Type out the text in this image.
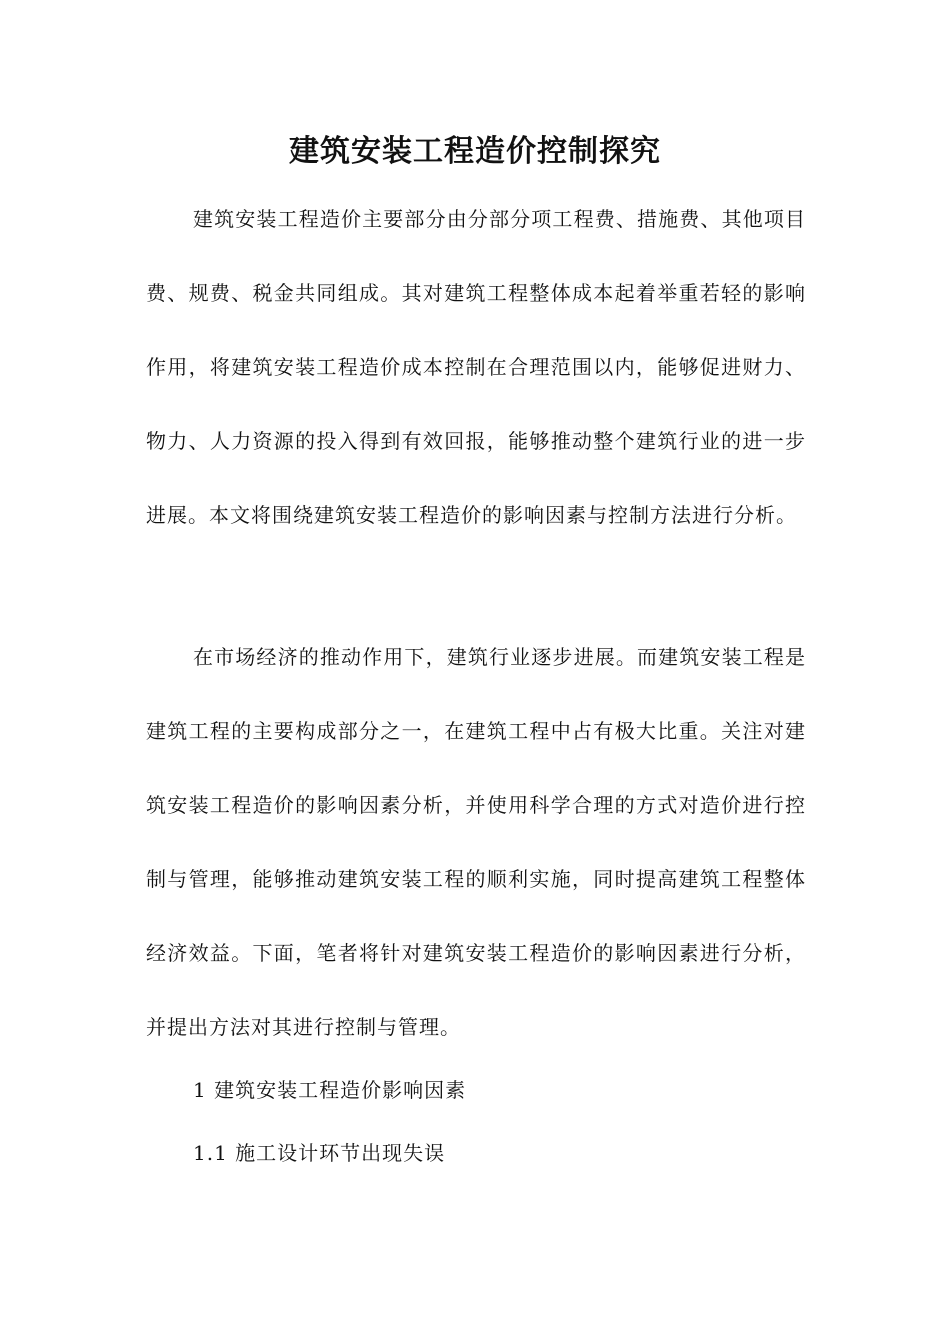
建筑安装工程造价控制探究

建筑安装工程造价主要部分由分部分项工程费、措施费、其他项目费、规费、税金共同组成。其对建筑工程整体成本起着举重若轻的影响作用，将建筑安装工程造价成本控制在合理范围以内，能够促进财力、物力、人力资源的投入得到有效回报，能够推动整个建筑行业的进一步进展。本文将围绕建筑安装工程造价的影响因素与控制方法进行分析。

在市场经济的推动作用下，建筑行业逐步进展。而建筑安装工程是建筑工程的主要构成部分之一，在建筑工程中占有极大比重。关注对建筑安装工程造价的影响因素分析，并使用科学合理的方式对造价进行控制与管理，能够推动建筑安装工程的顺利实施，同时提高建筑工程整体经济效益。下面，笔者将针对建筑安装工程造价的影响因素进行分析，并提出方法对其进行控制与管理。

1 建筑安装工程造价影响因素
1.1 施工设计环节出现失误
